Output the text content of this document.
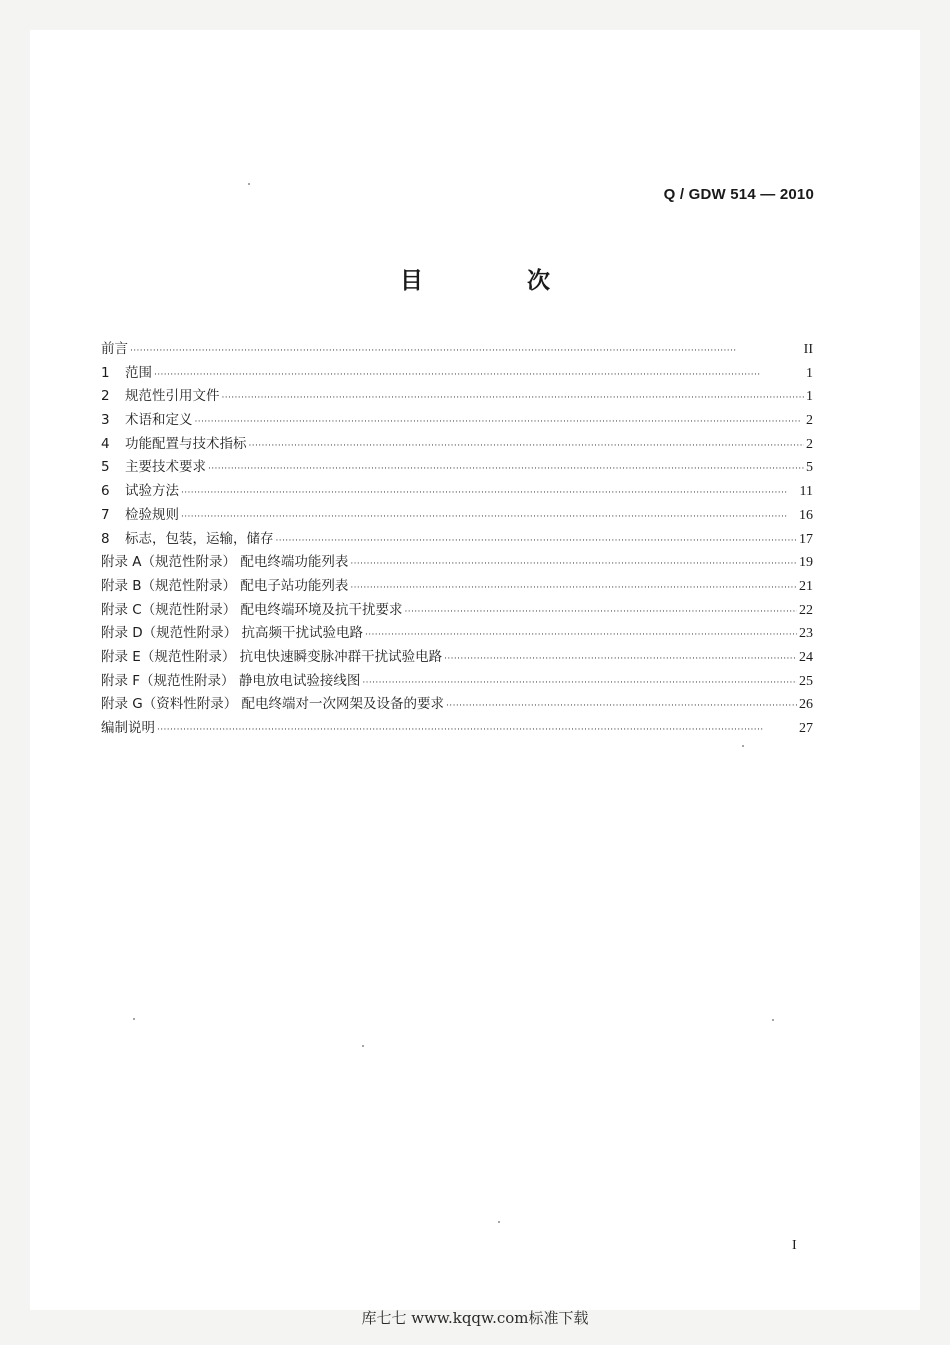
Q / GDW 514 — 2010
目 次
前言 ·····	II
1	范围 ·····	1
2	规范性引用文件 ·····	1
3	术语和定义 ·····	2
4	功能配置与技术指标 ·····	2
5	主要技术要求 ·····	5
6	试验方法 ·····	11
7	检验规则 ·····	16
8	标志，包装，运输，储存 ·····	17
附录 A（规范性附录） 配电终端功能列表 ·····	19
附录 B（规范性附录） 配电子站功能列表 ·····	21
附录 C（规范性附录） 配电终端环境及抗干扰要求 ·····	22
附录 D（规范性附录） 抗高频干扰试验电路 ·····	23
附录 E（规范性附录） 抗电快速瞬变脉冲群干扰试验电路 ·····	24
附录 F（规范性附录） 静电放电试验接线图 ·····	25
附录 G（资料性附录） 配电终端对一次网架及设备的要求 ·····	26
编制说明 ·····	27
I
库七七 www.kqqw.com标准下载
